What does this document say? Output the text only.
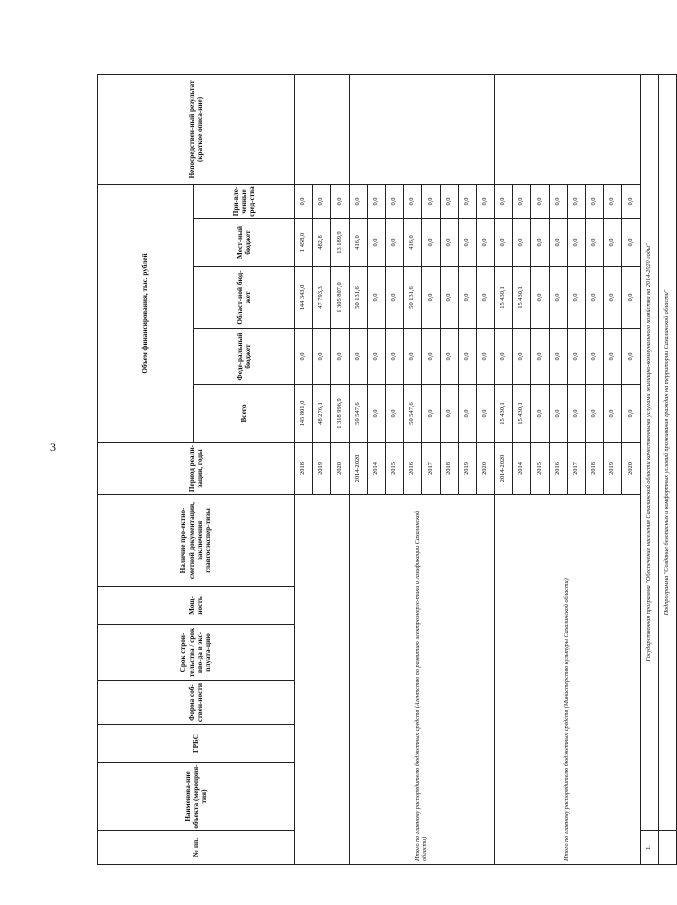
3
№ пп.	Наименова-ние объекта (мероприя-тия)	ГРБС	Форма соб-ствен-ности	Срок строи-тельства / срок вво-да в экс-плуата-цию	Мощ-ность	Наличие про-ектно-сметной документации, заключения главгосэкспер-тизы	Период реали-зации, годы	Объем финансирования, тыс. рублей					Непосредствен-ный результат (краткое описа-ние)
								Всего	Феде-ральный бюджет	Област-ной бюд-жет	Мест-ный бюджет	При-вле-ченные сред-ства	
							2018	145 801,0	0,0	144 343,0	1 458,0	0,0	
							2019	48 276,1	0,0	47 793,3	482,8	0,0	
							2020	1 318 996,9	0,0	1 305 807,0	13 189,9	0,0	
Итого по главному распорядителю бюджетных средств (Агентство по развитию электроэнерге-тики и газификации Сахалинской области)							2014-2020	50 547,6	0,0	50 131,6	416,0	0,0	
							2014	0,0	0,0	0,0	0,0	0,0	
							2015	0,0	0,0	0,0	0,0	0,0	
							2016	50 547,6	0,0	50 131,6	416,0	0,0	
							2017	0,0	0,0	0,0	0,0	0,0	
							2018	0,0	0,0	0,0	0,0	0,0	
							2019	0,0	0,0	0,0	0,0	0,0	
							2020	0,0	0,0	0,0	0,0	0,0	
Итого по главному распорядителю бюджетных средств (Министерство культуры Сахалинской области)							2014-2020	15 430,1	0,0	15 430,1	0,0	0,0	
							2014	15 430,1	0,0	15 430,1	0,0	0,0	
							2015	0,0	0,0	0,0	0,0	0,0	
							2016	0,0	0,0	0,0	0,0	0,0	
							2017	0,0	0,0	0,0	0,0	0,0	
							2018	0,0	0,0	0,0	0,0	0,0	
							2019	0,0	0,0	0,0	0,0	0,0	
							2020	0,0	0,0	0,0	0,0	0,0	
1.	Государственная программа "Обеспечение населения Сахалинской области качественными услугами жилищно-коммунального хозяйства на 2014-2020 годы"												
	Подпрограмма "Создание безопасных и комфортных условий проживания граждан на территории Сахалинской области"												
